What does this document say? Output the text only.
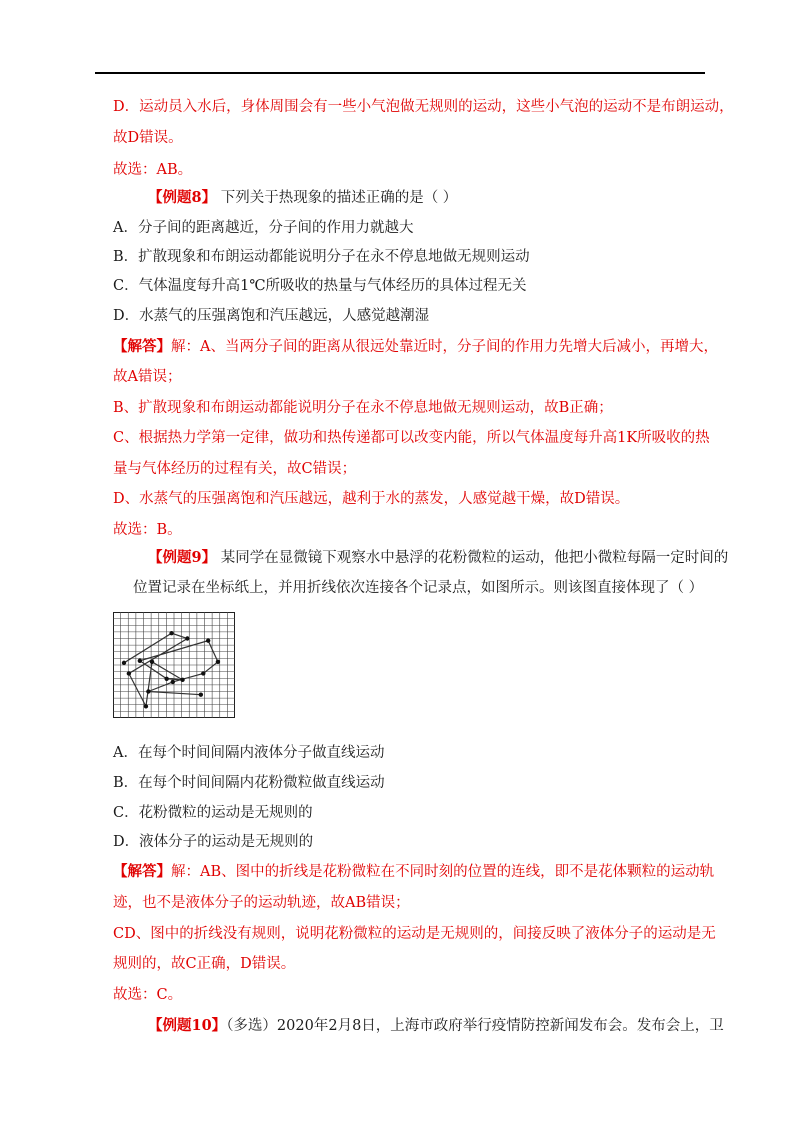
D．运动员入水后，身体周围会有一些小气泡做无规则的运动，这些小气泡的运动不是布朗运动，
故D错误。
故选：AB。
【例题8】 下列关于热现象的描述正确的是（ ）
A．分子间的距离越近，分子间的作用力就越大
B．扩散现象和布朗运动都能说明分子在永不停息地做无规则运动
C．气体温度每升高1℃所吸收的热量与气体经历的具体过程无关
D．水蒸气的压强离饱和汽压越远，人感觉越潮湿
【解答】解：A、当两分子间的距离从很远处靠近时，分子间的作用力先增大后减小，再增大，
故A错误；
B、扩散现象和布朗运动都能说明分子在永不停息地做无规则运动，故B正确；
C、根据热力学第一定律，做功和热传递都可以改变内能，所以气体温度每升高1K所吸收的热
量与气体经历的过程有关，故C错误；
D、水蒸气的压强离饱和汽压越远，越利于水的蒸发，人感觉越干燥，故D错误。
故选：B。
【例题9】 某同学在显微镜下观察水中悬浮的花粉微粒的运动，他把小微粒每隔一定时间的
位置记录在坐标纸上，并用折线依次连接各个记录点，如图所示。则该图直接体现了（ ）
A．在每个时间间隔内液体分子做直线运动
B．在每个时间间隔内花粉微粒做直线运动
C．花粉微粒的运动是无规则的
D．液体分子的运动是无规则的
【解答】解：AB、图中的折线是花粉微粒在不同时刻的位置的连线，即不是花体颗粒的运动轨
迹，也不是液体分子的运动轨迹，故AB错误；
CD、图中的折线没有规则，说明花粉微粒的运动是无规则的，间接反映了液体分子的运动是无
规则的，故C正确，D错误。
故选：C。
【例题10】（多选）2020年2月8日，上海市政府举行疫情防控新闻发布会。发布会上，卫
